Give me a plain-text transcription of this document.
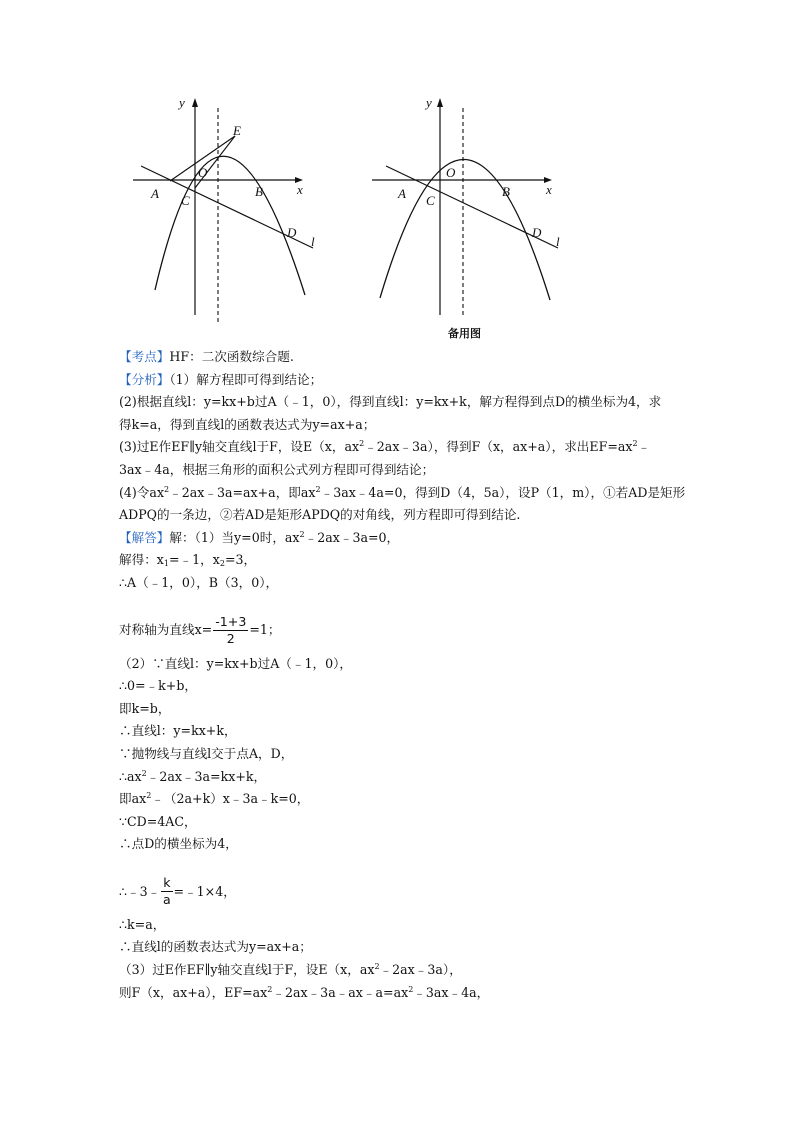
y
x
O
A C
B
D
E
l
y
x
O
A C
B
D
l
备用图
【考点】HF：二次函数综合题.
【分析】（1）解方程即可得到结论；
(2)根据直线l：y=kx+b过A（﹣1，0），得到直线l：y=kx+k，解方程得到点D的横坐标为4，求
得k=a，得到直线l的函数表达式为y=ax+a；
(3)过E作EF∥y轴交直线l于F，设E（x，$ax^2﹣2ax﹣3a$），得到F（x，ax+a），求出$EF=ax^2﹣$
3ax﹣4a，根据三角形的面积公式列方程即可得到结论；
(4)令$ax^2﹣2ax﹣3a=ax+a$，即$ax^2﹣3ax﹣4a=0$，得到D（4，5a），设P（1，m），①若AD是矩形
ADPQ的一条边，②若AD是矩形APDQ的对角线，列方程即可得到结论.
【解答】解：（1）当y=0时，$ax^2﹣2ax﹣3a=0$，
解得：$x_1=﹣1$，$x_2=3$，
∴A（﹣1，0），B（3，0），
对称轴为直线$x= \frac{-1+3}{2} =1$；
（2）∵直线l：y=kx+b过A（﹣1，0），
∴0=﹣k+b，
即k=b，
∴直线l：y=kx+k，
∵抛物线与直线l交于点A，D，
$\therefore ax^2﹣2ax﹣3a=kx+k$，
即$ax^2﹣(2a+k)x﹣3a﹣k=0$，
∵CD=4AC，
∴点D的横坐标为4，
∴﹣3﹣ $\frac{k}{a}$ =﹣1×4，
∴k=a，
∴直线l的函数表达式为y=ax+a；
（3）过E作EF∥y轴交直线l于F，设E（x，$ax^2﹣2ax﹣3a$），
则F（x，ax+a），$EF=ax^2﹣2ax﹣3a﹣ax﹣a=ax^2﹣3ax﹣4a$，
